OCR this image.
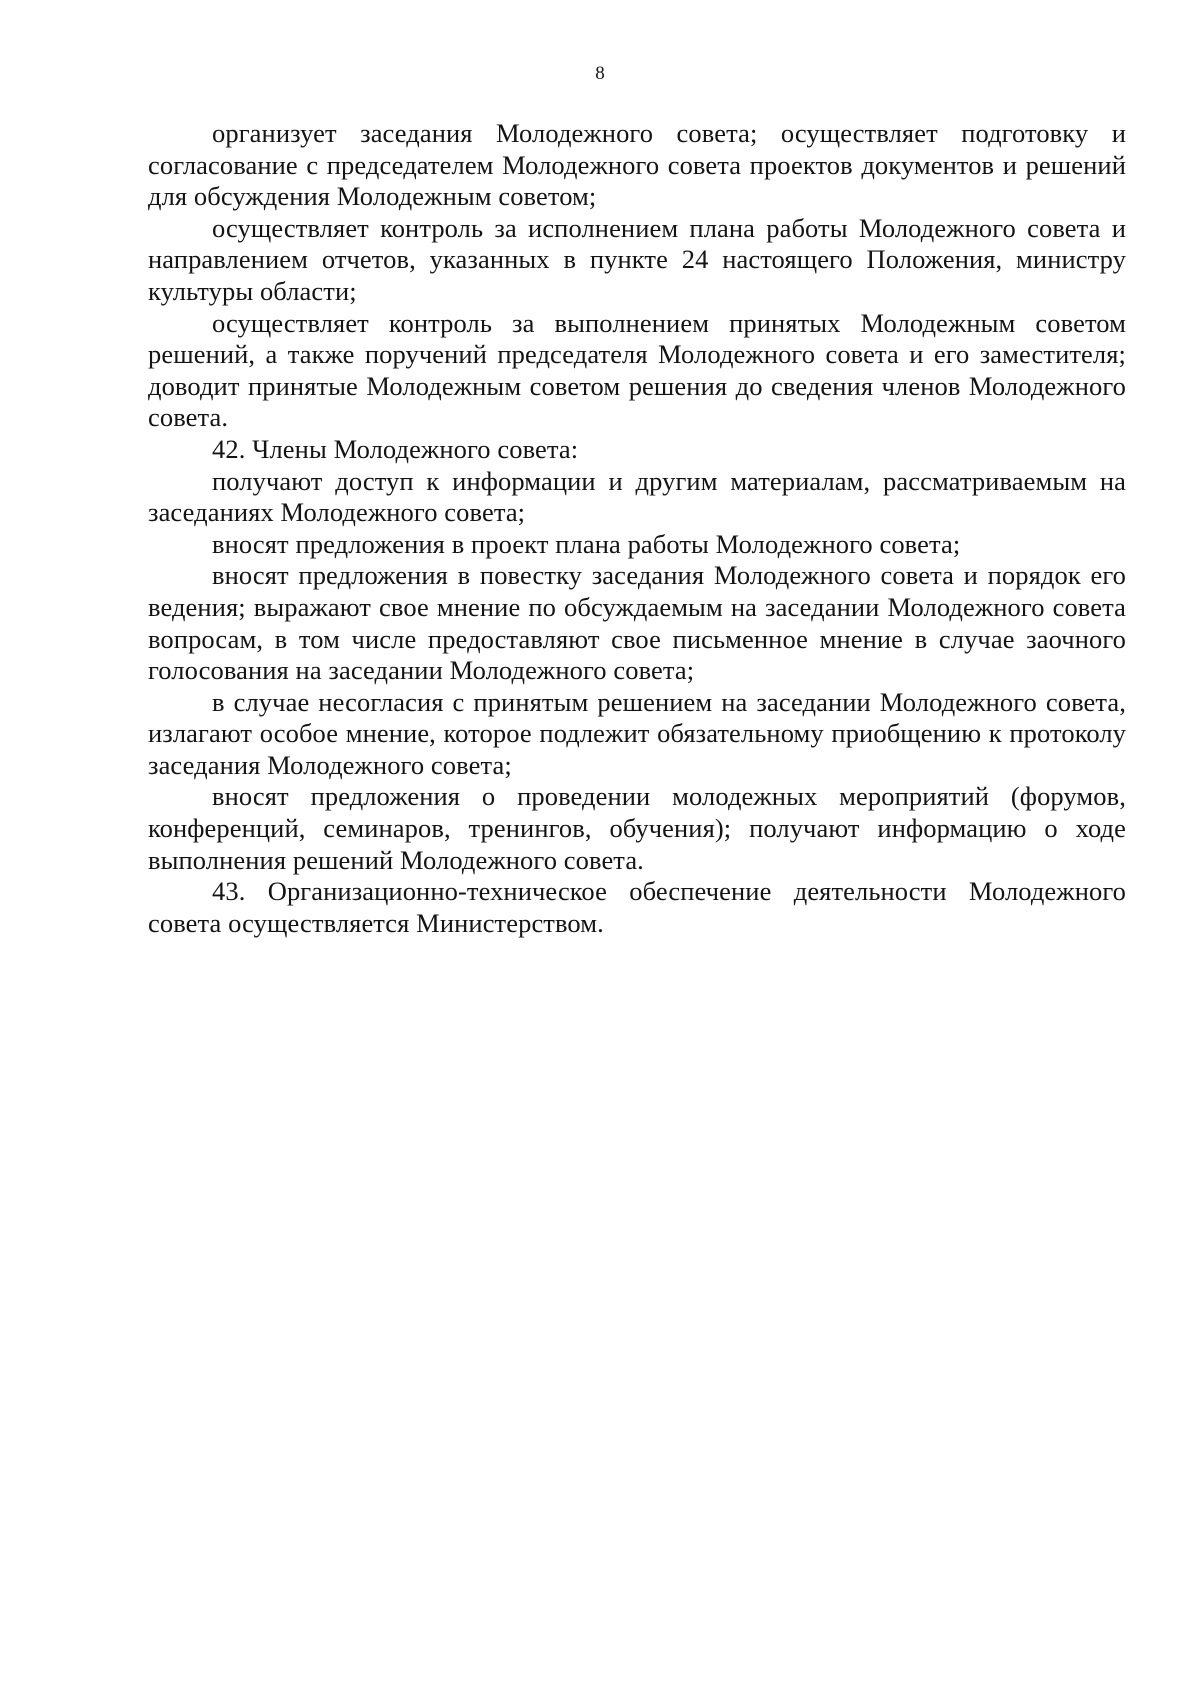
8

организует заседания Молодежного совета; осуществляет подготовку и согласование с председателем Молодежного совета проектов документов и решений для обсуждения Молодежным советом;

осуществляет контроль за исполнением плана работы Молодежного совета и направлением отчетов, указанных в пункте 24 настоящего Положения, министру культуры области;

осуществляет контроль за выполнением принятых Молодежным советом решений, а также поручений председателя Молодежного совета и его заместителя; доводит принятые Молодежным советом решения до сведения членов Молодежного совета.

42. Члены Молодежного совета:

получают доступ к информации и другим материалам, рассматриваемым на заседаниях Молодежного совета;

вносят предложения в проект плана работы Молодежного совета;

вносят предложения в повестку заседания Молодежного совета и порядок его ведения; выражают свое мнение по обсуждаемым на заседании Молодежного совета вопросам, в том числе предоставляют свое письменное мнение в случае заочного голосования на заседании Молодежного совета;

в случае несогласия с принятым решением на заседании Молодежного совета, излагают особое мнение, которое подлежит обязательному приобщению к протоколу заседания Молодежного совета;

вносят предложения о проведении молодежных мероприятий (форумов, конференций, семинаров, тренингов, обучения); получают информацию о ходе выполнения решений Молодежного совета.

43. Организационно-техническое обеспечение деятельности Молодежного совета осуществляется Министерством.
